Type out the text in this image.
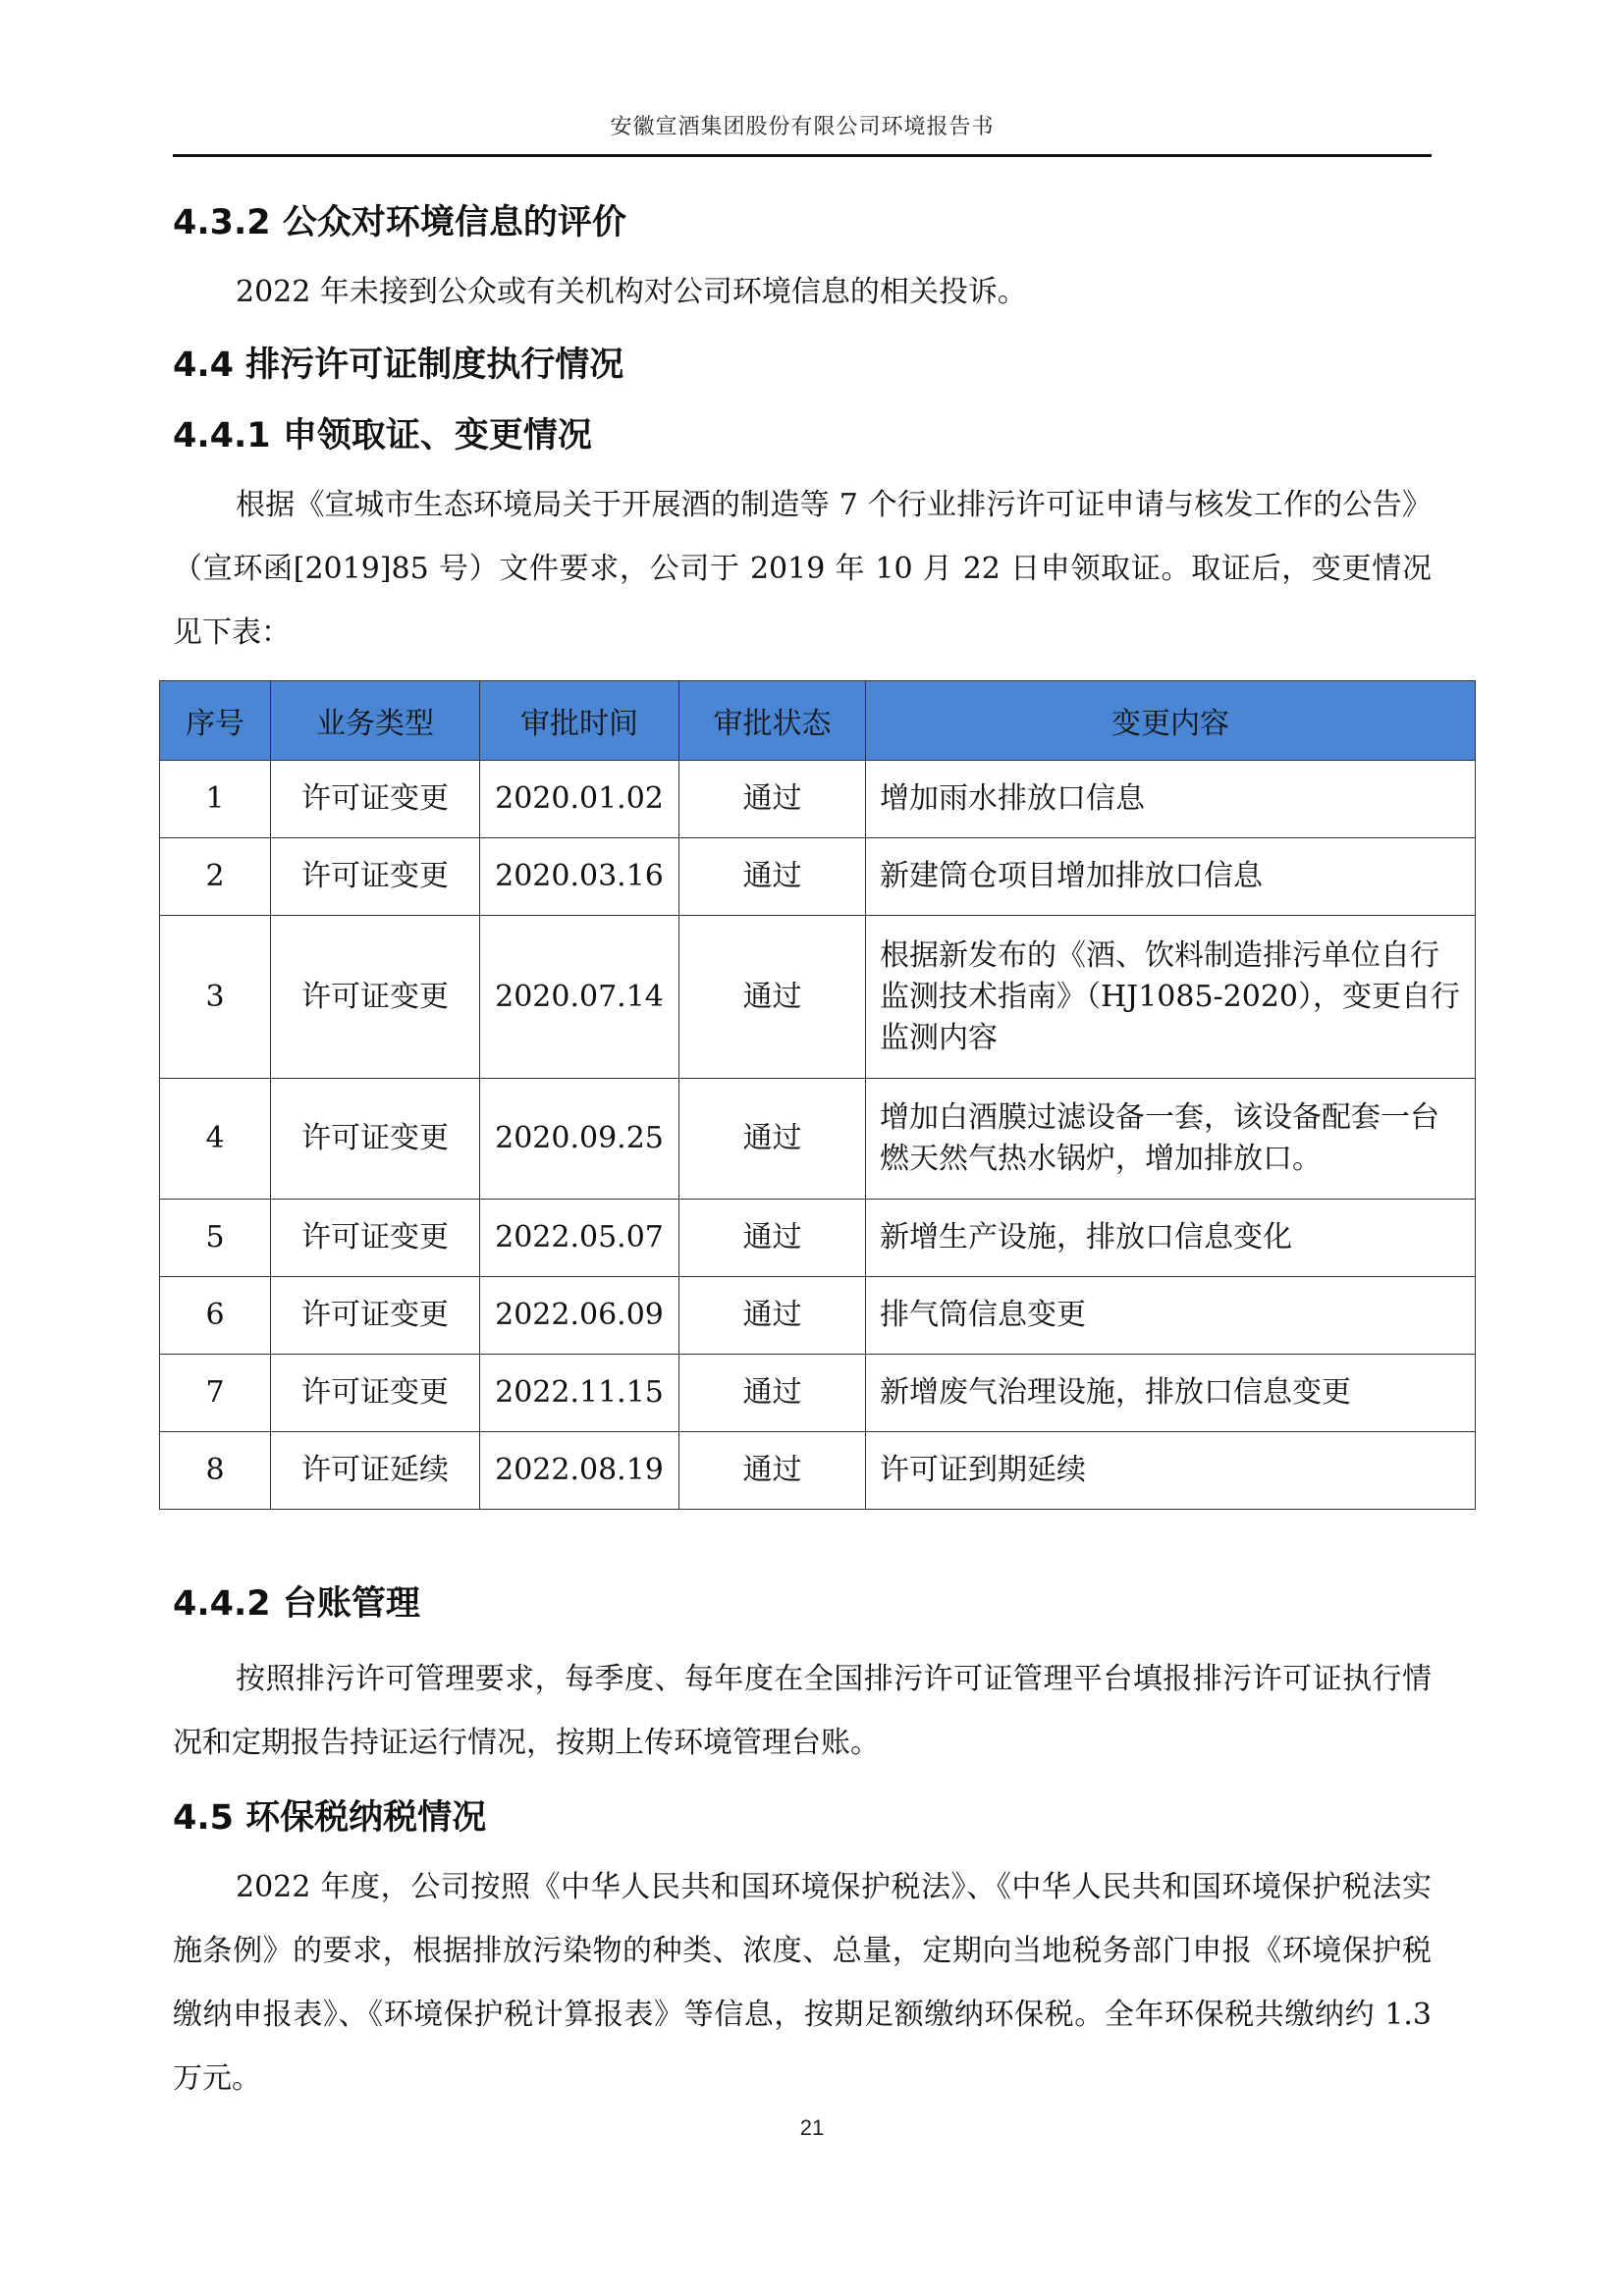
安徽宣酒集团股份有限公司环境报告书
4.3.2 公众对环境信息的评价

2022 年未接到公众或有关机构对公司环境信息的相关投诉。

4.4 排污许可证制度执行情况
4.4.1 申领取证、变更情况

根据《宣城市生态环境局关于开展酒的制造等 7 个行业排污许可证申请与核发工作的公告》（宣环函[2019]85 号）文件要求，公司于 2019 年 10 月 22 日申领取证。取证后，变更情况见下表：

序号	业务类型	审批时间	审批状态	变更内容
1	许可证变更	2020.01.02	通过	增加雨水排放口信息
2	许可证变更	2020.03.16	通过	新建筒仓项目增加排放口信息
3	许可证变更	2020.07.14	通过	根据新发布的《酒、饮料制造排污单位自行监测技术指南》（HJ1085-2020），变更自行监测内容
4	许可证变更	2020.09.25	通过	增加白酒膜过滤设备一套，该设备配套一台燃天然气热水锅炉，增加排放口。
5	许可证变更	2022.05.07	通过	新增生产设施，排放口信息变化
6	许可证变更	2022.06.09	通过	排气筒信息变更
7	许可证变更	2022.11.15	通过	新增废气治理设施，排放口信息变更
8	许可证延续	2022.08.19	通过	许可证到期延续
4.4.2 台账管理

按照排污许可管理要求，每季度、每年度在全国排污许可证管理平台填报排污许可证执行情况和定期报告持证运行情况，按期上传环境管理台账。

4.5 环保税纳税情况

2022 年度，公司按照《中华人民共和国环境保护税法》、《中华人民共和国环境保护税法实施条例》的要求，根据排放污染物的种类、浓度、总量，定期向当地税务部门申报《环境保护税缴纳申报表》、《环境保护税计算报表》等信息，按期足额缴纳环保税。全年环保税共缴纳约 1.3 万元。

21
